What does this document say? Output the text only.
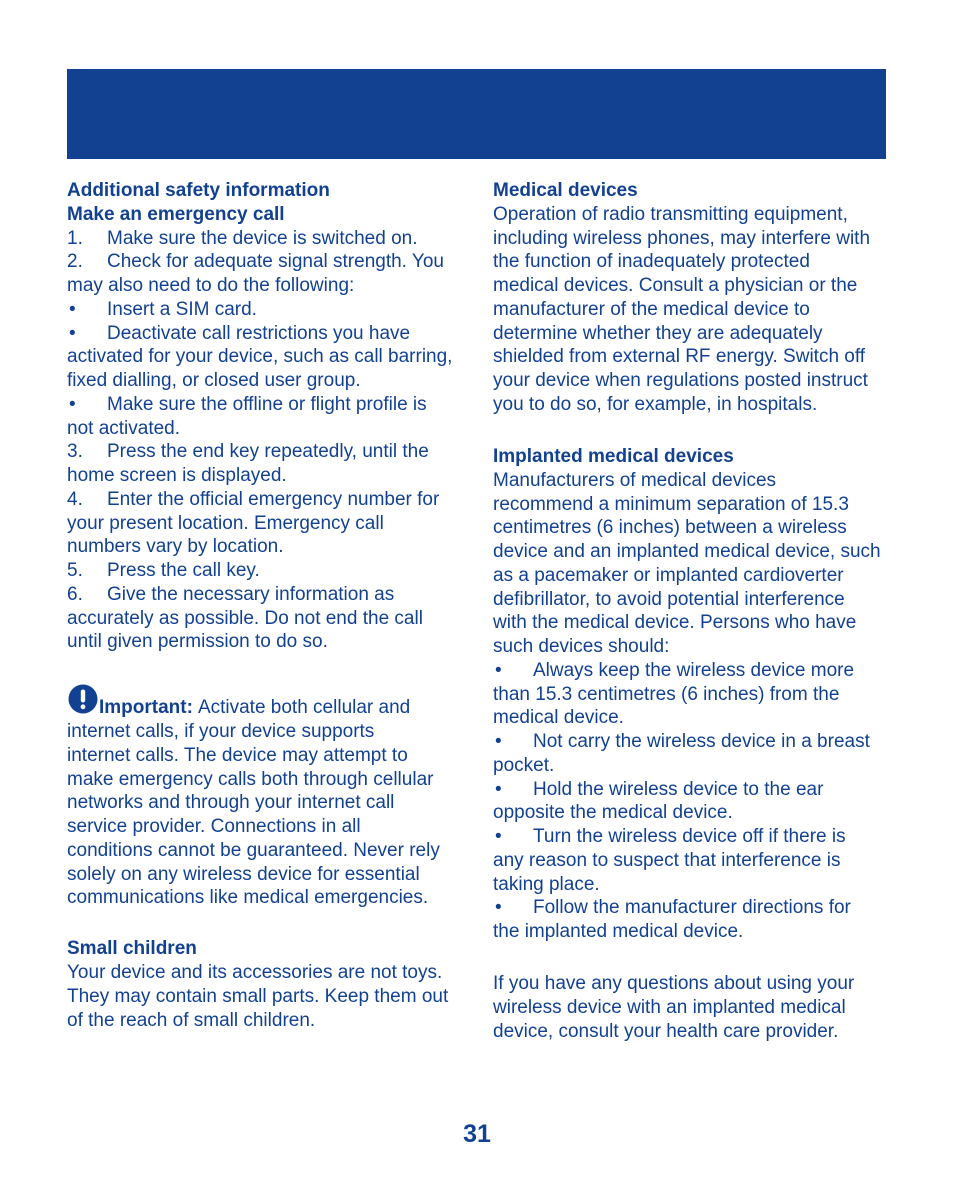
Additional safety information
Make an emergency call
1. Make sure the device is switched on.
2. Check for adequate signal strength. You
may also need to do the following:
• Insert a SIM card.
• Deactivate call restrictions you have
activated for your device, such as call barring,
fixed dialling, or closed user group.
• Make sure the offline or flight profile is
not activated.
3. Press the end key repeatedly, until the
home screen is displayed.
4. Enter the official emergency number for
your present location. Emergency call
numbers vary by location.
5. Press the call key.
6. Give the necessary information as
accurately as possible. Do not end the call
until given permission to do so.
Important: Activate both cellular and
internet calls, if your device supports
internet calls. The device may attempt to
make emergency calls both through cellular
networks and through your internet call
service provider. Connections in all
conditions cannot be guaranteed. Never rely
solely on any wireless device for essential
communications like medical emergencies.
Small children
Your device and its accessories are not toys.
They may contain small parts. Keep them out
of the reach of small children.
Medical devices
Operation of radio transmitting equipment,
including wireless phones, may interfere with
the function of inadequately protected
medical devices. Consult a physician or the
manufacturer of the medical device to
determine whether they are adequately
shielded from external RF energy. Switch off
your device when regulations posted instruct
you to do so, for example, in hospitals.
Implanted medical devices
Manufacturers of medical devices
recommend a minimum separation of 15.3
centimetres (6 inches) between a wireless
device and an implanted medical device, such
as a pacemaker or implanted cardioverter
defibrillator, to avoid potential interference
with the medical device. Persons who have
such devices should:
• Always keep the wireless device more
than 15.3 centimetres (6 inches) from the
medical device.
• Not carry the wireless device in a breast
pocket.
• Hold the wireless device to the ear
opposite the medical device.
• Turn the wireless device off if there is
any reason to suspect that interference is
taking place.
• Follow the manufacturer directions for
the implanted medical device.
If you have any questions about using your
wireless device with an implanted medical
device, consult your health care provider.
31
